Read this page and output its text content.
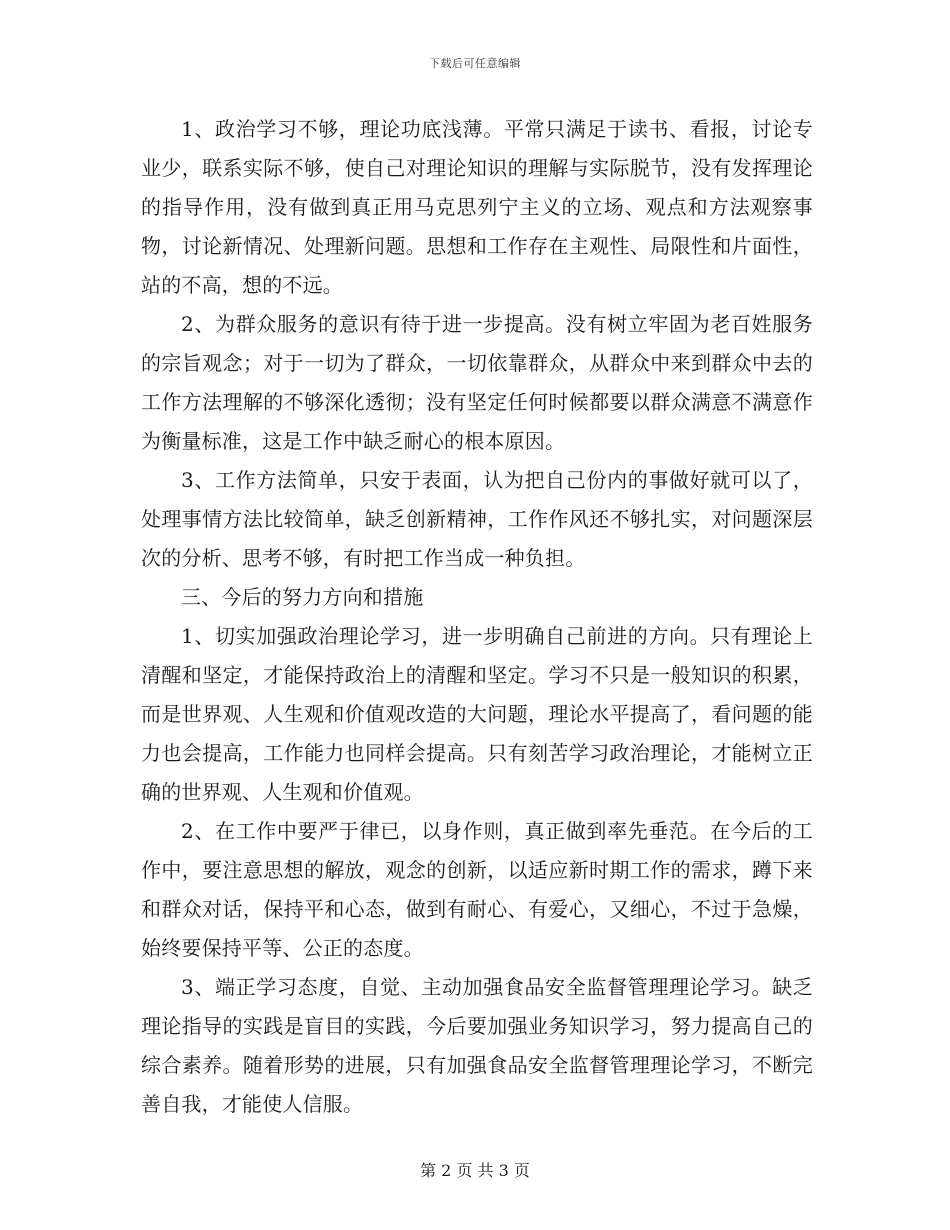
下载后可任意编辑

1、政治学习不够，理论功底浅薄。平常只满足于读书、看报，讨论专业少，联系实际不够，使自己对理论知识的理解与实际脱节，没有发挥理论的指导作用，没有做到真正用马克思列宁主义的立场、观点和方法观察事物，讨论新情况、处理新问题。思想和工作存在主观性、局限性和片面性，站的不高，想的不远。

2、为群众服务的意识有待于进一步提高。没有树立牢固为老百姓服务的宗旨观念；对于一切为了群众，一切依靠群众，从群众中来到群众中去的工作方法理解的不够深化透彻；没有坚定任何时候都要以群众满意不满意作为衡量标准，这是工作中缺乏耐心的根本原因。

3、工作方法简单，只安于表面，认为把自己份内的事做好就可以了，处理事情方法比较简单，缺乏创新精神，工作作风还不够扎实，对问题深层次的分析、思考不够，有时把工作当成一种负担。

三、今后的努力方向和措施

1、切实加强政治理论学习，进一步明确自己前进的方向。只有理论上清醒和坚定，才能保持政治上的清醒和坚定。学习不只是一般知识的积累，而是世界观、人生观和价值观改造的大问题，理论水平提高了，看问题的能力也会提高，工作能力也同样会提高。只有刻苦学习政治理论，才能树立正确的世界观、人生观和价值观。

2、在工作中要严于律已，以身作则，真正做到率先垂范。在今后的工作中，要注意思想的解放，观念的创新，以适应新时期工作的需求，蹲下来和群众对话，保持平和心态，做到有耐心、有爱心，又细心，不过于急燥，始终要保持平等、公正的态度。

3、端正学习态度，自觉、主动加强食品安全监督管理理论学习。缺乏理论指导的实践是盲目的实践，今后要加强业务知识学习，努力提高自己的综合素养。随着形势的进展，只有加强食品安全监督管理理论学习，不断完善自我，才能使人信服。

第 2 页 共 3 页
